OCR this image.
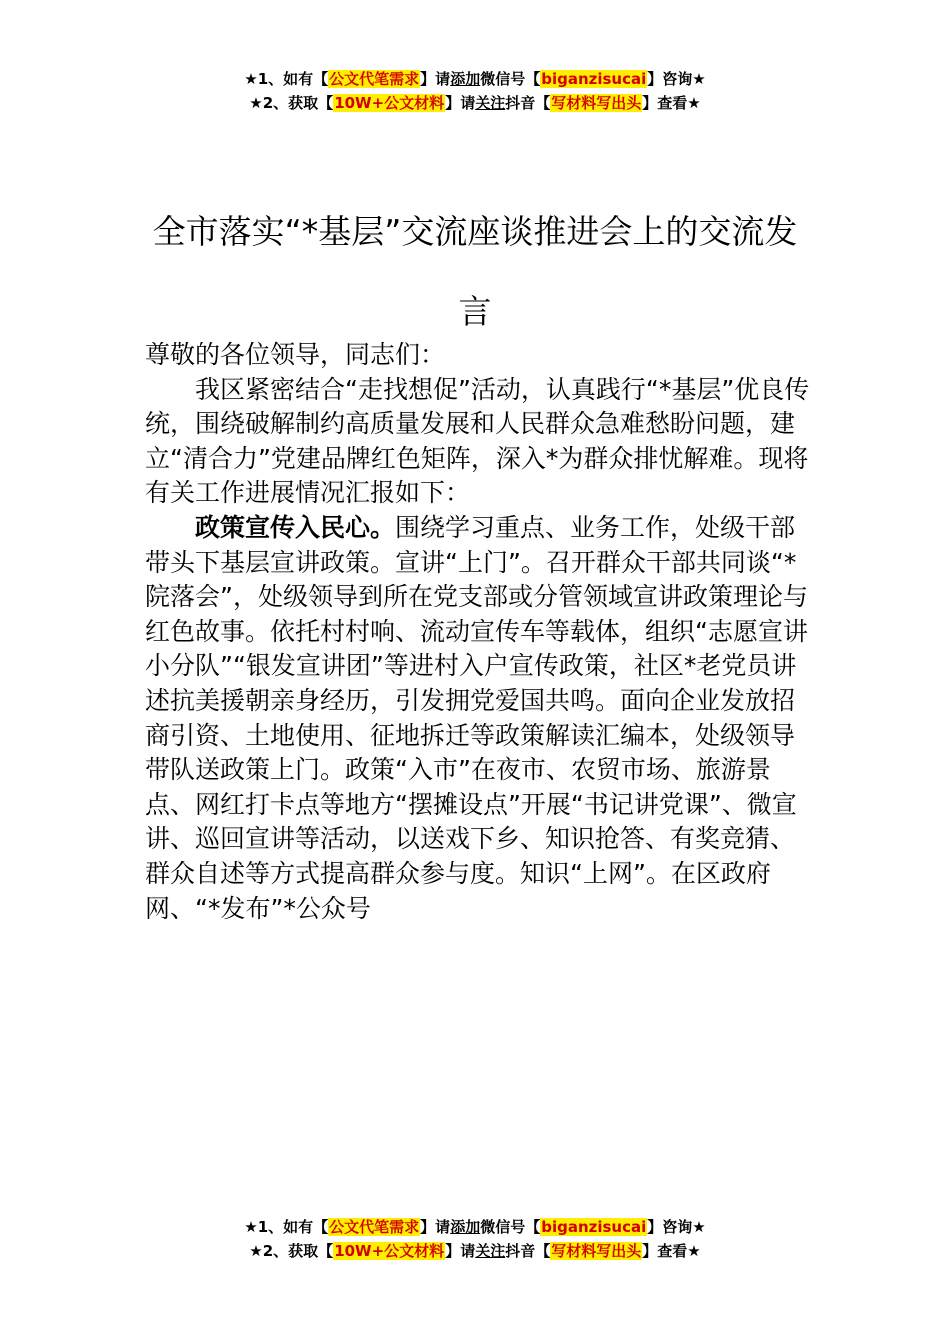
★1、如有【公文代笔需求】请添加微信号【biganzisucai】咨询★
★2、获取【10W+公文材料】请关注抖音【写材料写出头】查看★
全市落实“*基层”交流座谈推进会上的交流发言

尊敬的各位领导，同志们：

我区紧密结合“走找想促”活动，认真践行“*基层”优良传统，围绕破解制约高质量发展和人民群众急难愁盼问题，建立“清合力”党建品牌红色矩阵，深入*为群众排忧解难。现将有关工作进展情况汇报如下：

政策宣传入民心。围绕学习重点、业务工作，处级干部带头下基层宣讲政策。宣讲“上门”。召开群众干部共同谈“*院落会”，处级领导到所在党支部或分管领域宣讲政策理论与红色故事。依托村村响、流动宣传车等载体，组织“志愿宣讲小分队”“银发宣讲团”等进村入户宣传政策，社区*老党员讲述抗美援朝亲身经历，引发拥党爱国共鸣。面向企业发放招商引资、土地使用、征地拆迁等政策解读汇编本，处级领导带队送政策上门。政策“入市”在夜市、农贸市场、旅游景点、网红打卡点等地方“摆摊设点”开展“书记讲党课”、微宣讲、巡回宣讲等活动，以送戏下乡、知识抢答、有奖竞猜、群众自述等方式提高群众参与度。知识“上网”。在区政府网、“*发布”*公众号

★1、如有【公文代笔需求】请添加微信号【biganzisucai】咨询★
★2、获取【10W+公文材料】请关注抖音【写材料写出头】查看★
